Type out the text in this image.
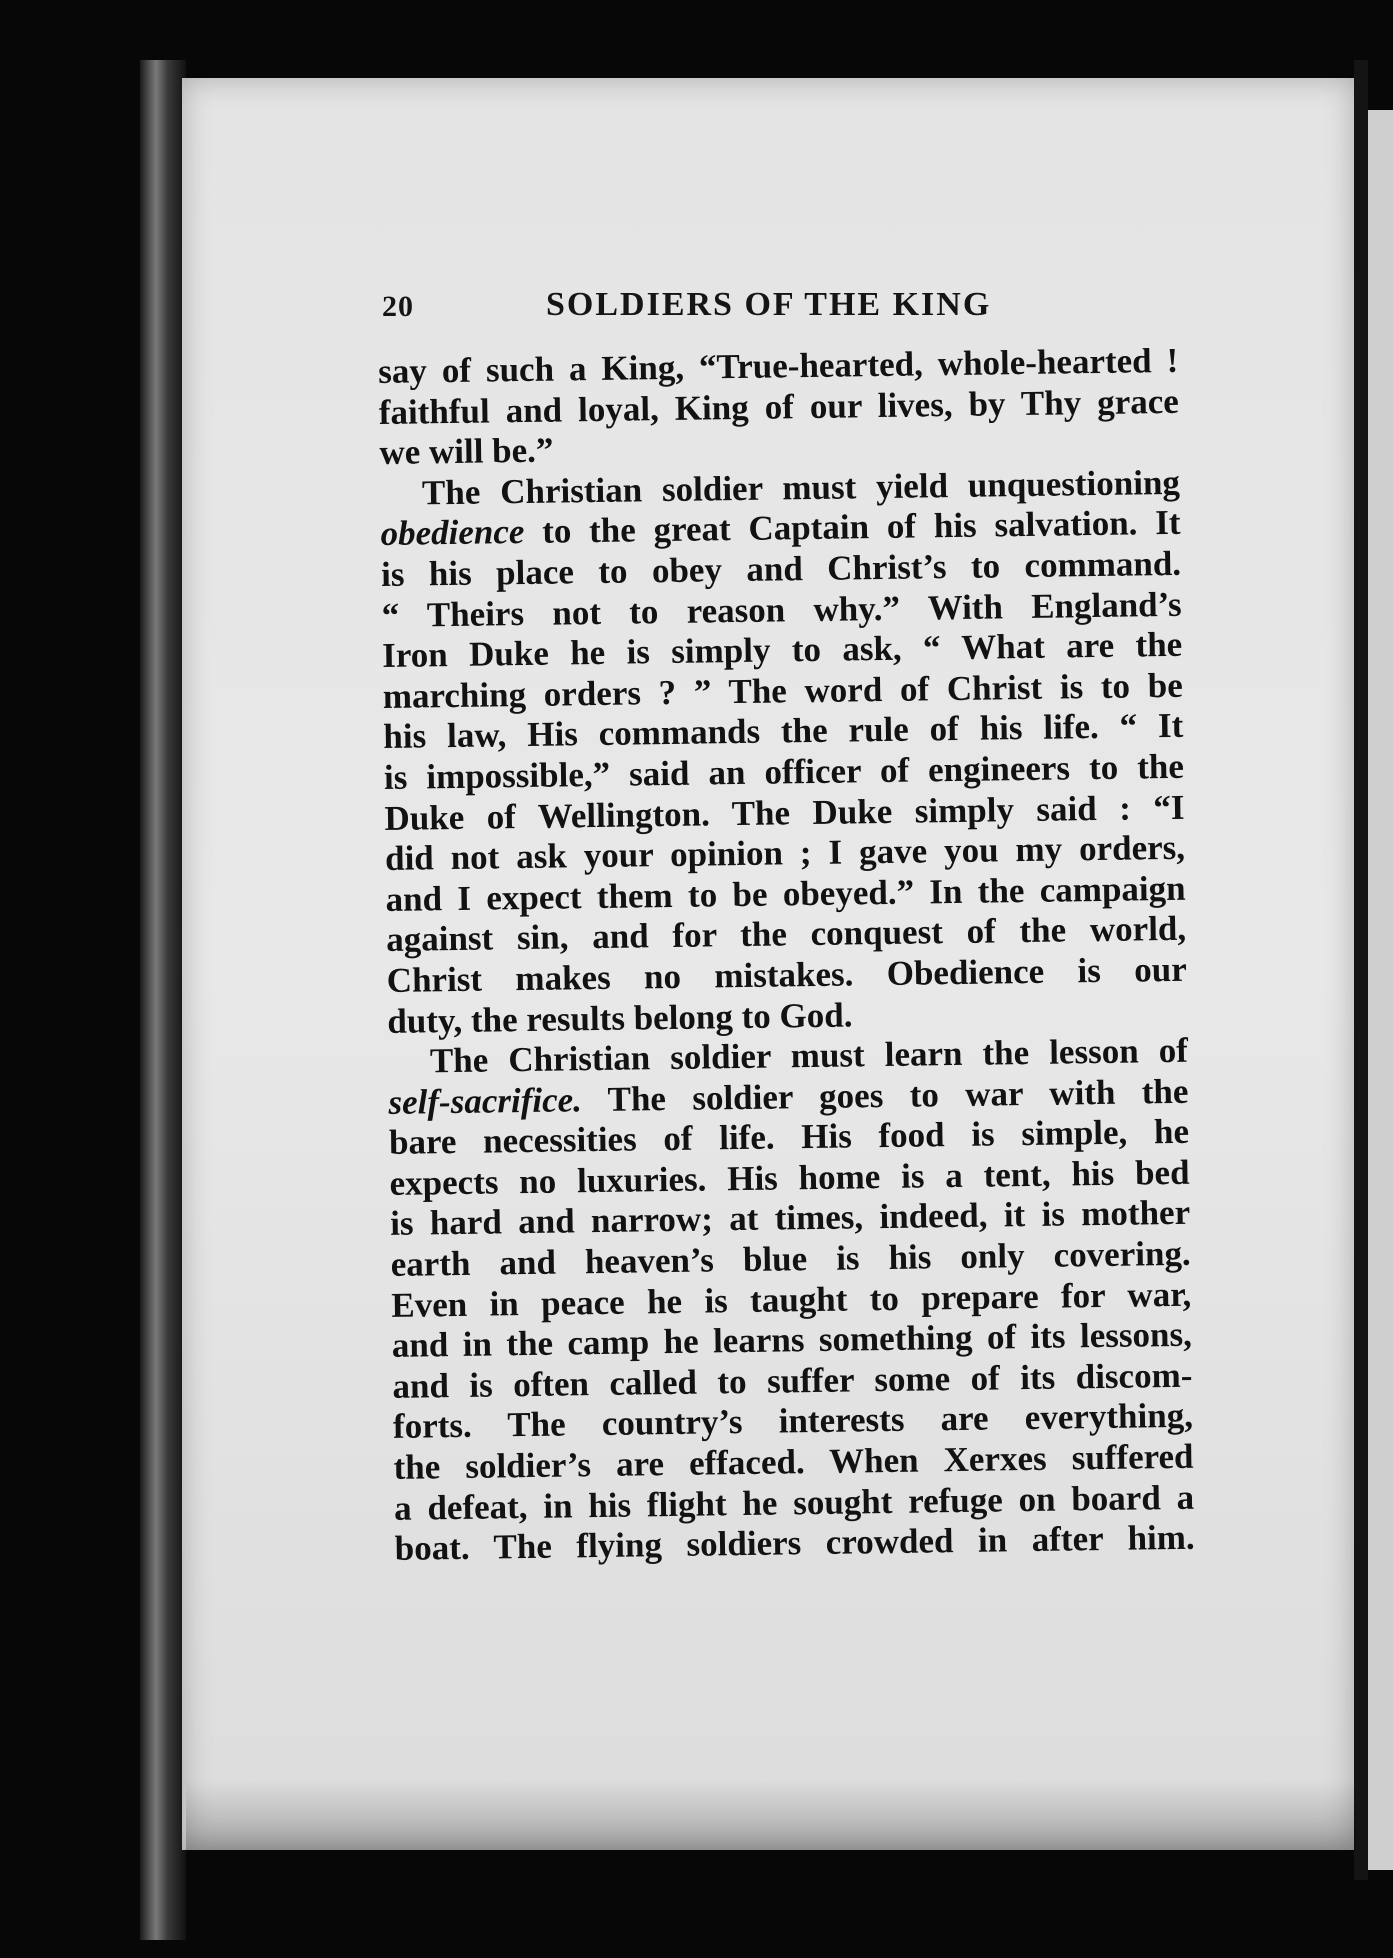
20	SOLDIERS OF THE KING
say of such a King, “True-hearted, whole-hearted !
faithful and loyal, King of our lives, by Thy grace
we will be.”
The Christian soldier must yield unquestioning
obedience to the great Captain of his salvation. It
is his place to obey and Christ’s to command.
“ Theirs not to reason why.” With England’s
Iron Duke he is simply to ask, “ What are the
marching orders ? ” The word of Christ is to be
his law, His commands the rule of his life. “ It
is impossible,” said an officer of engineers to the
Duke of Wellington. The Duke simply said : “I
did not ask your opinion ; I gave you my orders,
and I expect them to be obeyed.” In the campaign
against sin, and for the conquest of the world,
Christ makes no mistakes. Obedience is our
duty, the results belong to God.
The Christian soldier must learn the lesson of
self-sacrifice. The soldier goes to war with the
bare necessities of life. His food is simple, he
expects no luxuries. His home is a tent, his bed
is hard and narrow; at times, indeed, it is mother
earth and heaven’s blue is his only covering.
Even in peace he is taught to prepare for war,
and in the camp he learns something of its lessons,
and is often called to suffer some of its discom-
forts. The country’s interests are everything,
the soldier’s are effaced. When Xerxes suffered
a defeat, in his flight he sought refuge on board a
boat. The flying soldiers crowded in after him.
